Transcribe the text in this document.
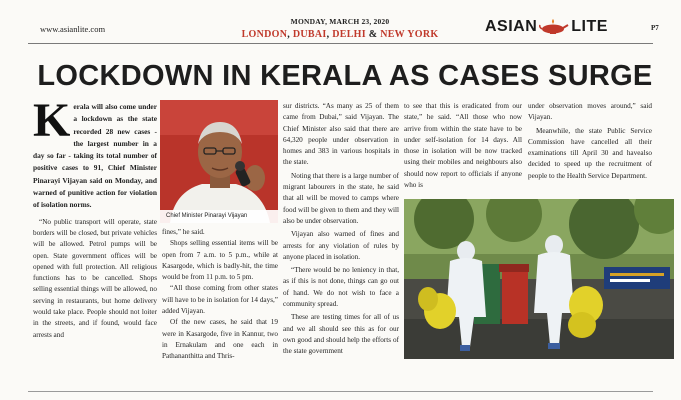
www.asianlite.com
MONDAY, MARCH 23, 2020
LONDON, DUBAI, DELHI & NEW YORK	ASIAN LITE	P7
LOCKDOWN IN KERALA AS CASES SURGE

Kerala will also come under a lockdown as the state recorded 28 new cases - the largest number in a day so far - taking its total number of positive cases to 91, Chief Minister Pinarayi Vijayan said on Monday, and warned of punitive action for violation of isolation norms.

“No public transport will operate, state borders will be closed, but private vehicles will be allowed. Petrol pumps will be open. State government offices will be opened with full protection. All religious functions has to be cancelled. Shops selling essential things will be allowed, no serving in restaurants, but home delivery would take place. People should not loiter in the streets, and if found, would face arrests and

Chief Minister Pinarayi Vijayan

fines,” he said.

Shops selling essential items will be open from 7 a.m. to 5 p.m., while at Kasargode, which is badly-hit, the time would be from 11 p.m. to 5 pm.

“All those coming from other states will have to be in isolation for 14 days,” added Vijayan.

Of the new cases, he said that 19 were in Kasargode, five in Kannur, two in Ernakulam and one each in Pathananthitta and Thris-

sur districts. “As many as 25 of them came from Dubai,” said Vijayan. The Chief Minister also said that there are 64,320 people under observation in homes and 383 in various hospitals in the state.

Noting that there is a large number of migrant labourers in the state, he said that all will be moved to camps where food will be given to them and they will also be under observation.

Vijayan also warned of fines and arrests for any violation of rules by anyone placed in isolation.

“There would be no leniency in that, as if this is not done, things can go out of hand. We do not wish to face a community spread.

These are testing times for all of us and we all should see this as for our own good and should help the efforts of the state government

to see that this is eradicated from our state,” he said. “All those who now arrive from within the state have to be under self-isolation for 14 days. All those in isolation will be now tracked using their mobiles and neighbours also should now report to officials if anyone who is

under observation moves around,” said Vijayan.

Meanwhile, the state Public Service Commission have cancelled all their examinations till April 30 and havealso decided to speed up the recruitment of people to the Health Service Department.
